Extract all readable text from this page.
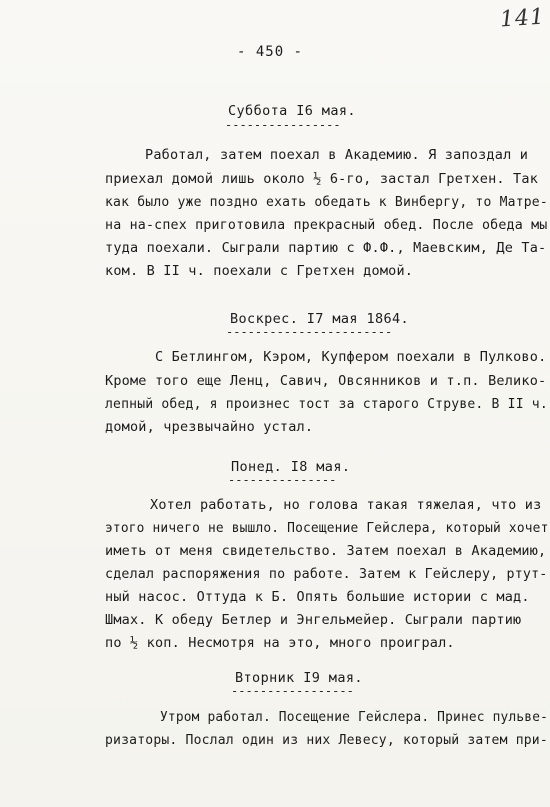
141
- 450 -
Суббота I6 мая.
----------------
Работал, затем поехал в Академию. Я запоздал и
приехал домой лишь около ½ 6-го, застал Гретхен. Так
как было уже поздно ехать обедать к Винбергу, то Матре-
на на-спех приготовила прекрасный обед. После обеда мы
туда поехали. Сыграли партию с Ф.Ф., Маевским, Де Та-
ком. В II ч. поехали с Гретхен домой.
Воскрес. I7 мая 1864.
-----------------------
С Бетлингом, Кэром, Купфером поехали в Пулково.
Кроме того еще Ленц, Савич, Овсянников и т.п. Велико-
лепный обед, я произнес тост за старого Струве. В II ч.
домой, чрезвычайно устал.
Понед. I8 мая.
---------------
Хотел работать, но голова такая тяжелая, что из
этого ничего не вышло. Посещение Гейслера, который хочет
иметь от меня свидетельство. Затем поехал в Академию,
сделал распоряжения по работе. Затем к Гейслеру, ртут-
ный насос. Оттуда к Б. Опять большие истории с мад.
Шмах. К обеду Бетлер и Энгельмейер. Сыграли партию
по ½ коп. Несмотря на это, много проиграл.
Вторник I9 мая.
-----------------
Утром работал. Посещение Гейслера. Принес пульве-
ризаторы. Послал один из них Левесу, который затем при-
